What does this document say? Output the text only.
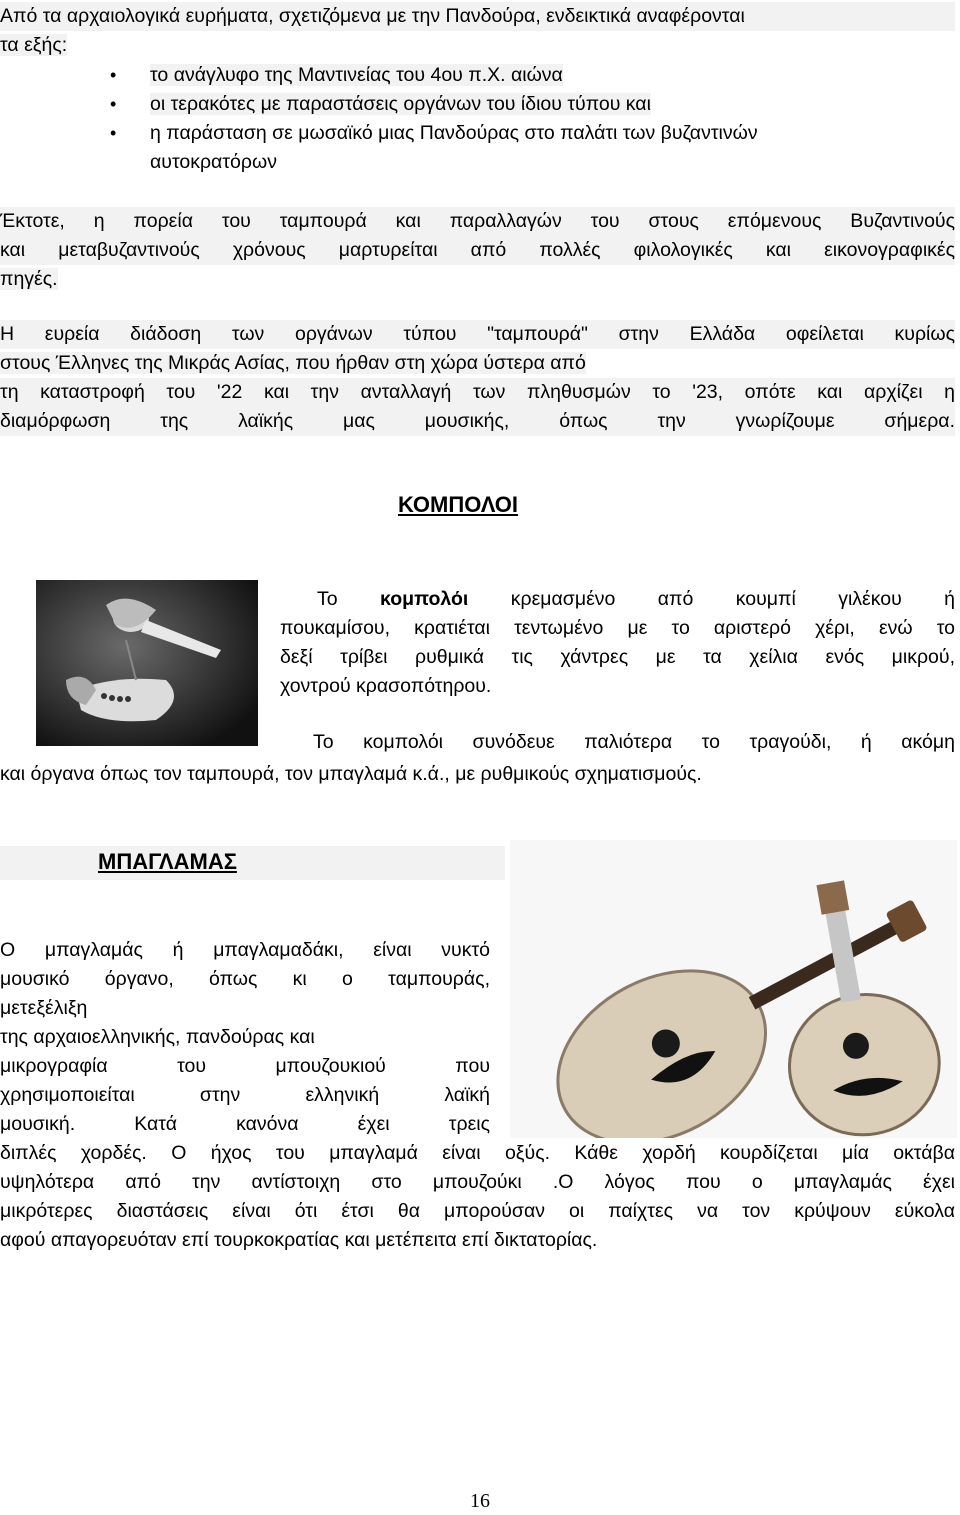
Από τα αρχαιολογικά ευρήματα, σχετιζόμενα με την Πανδούρα, ενδεικτικά αναφέρονται
τα εξής:
• το ανάγλυφο της Μαντινείας του 4ου π.Χ. αιώνα
• οι τερακότες με παραστάσεις οργάνων του ίδιου τύπου και
• η παράσταση σε μωσαϊκό μιας Πανδούρας στο παλάτι των βυζαντινών
αυτοκρατόρων
Έκτοτε, η πορεία του ταμπουρά και παραλλαγών του στους επόμενους Βυζαντινούς
και μεταβυζαντινούς χρόνους μαρτυρείται από πολλές φιλολογικές και εικονογραφικές
πηγές.
Η ευρεία διάδοση των οργάνων τύπου "ταμπουρά" στην Ελλάδα οφείλεται κυρίως
στους Έλληνες της Μικράς Ασίας, που ήρθαν στη χώρα ύστερα από
τη καταστροφή του '22 και την ανταλλαγή των πληθυσμών το '23, οπότε και αρχίζει η
διαμόρφωση της λαϊκής μας μουσικής, όπως την γνωρίζουμε σήμερα.
ΚΟΜΠΟΛΟΙ
Το κομπολόι κρεμασμένο από κουμπί γιλέκου ή
πουκαμίσου, κρατιέται τεντωμένο με το αριστερό χέρι, ενώ το
δεξί τρίβει ρυθμικά τις χάντρες με τα χείλια ενός μικρού,
χοντρού κρασοπότηρου.
Το κομπολόι συνόδευε παλιότερα το τραγούδι, ή ακόμη
και όργανα όπως τον ταμπουρά, τον μπαγλαμά κ.ά., με ρυθμικούς σχηματισμούς.
ΜΠΑΓΛΑΜΑΣ
Ο μπαγλαμάς ή μπαγλαμαδάκι, είναι νυκτό
μουσικό όργανο, όπως κι ο ταμπουράς,
μετεξέλιξη
της αρχαιοελληνικής, πανδούρας και
μικρογραφία του μπουζουκιού που
χρησιμοποιείται στην ελληνική λαϊκή
μουσική. Κατά κανόνα έχει τρεις
διπλές χορδές. Ο ήχος του μπαγλαμά είναι οξύς. Κάθε χορδή κουρδίζεται μία οκτάβα
υψηλότερα από την αντίστοιχη στο μπουζούκι .Ο λόγος που ο μπαγλαμάς έχει
μικρότερες διαστάσεις είναι ότι έτσι θα μπορούσαν οι παίχτες να τον κρύψουν εύκολα
αφού απαγορευόταν επί τουρκοκρατίας και μετέπειτα επί δικτατορίας.
16
